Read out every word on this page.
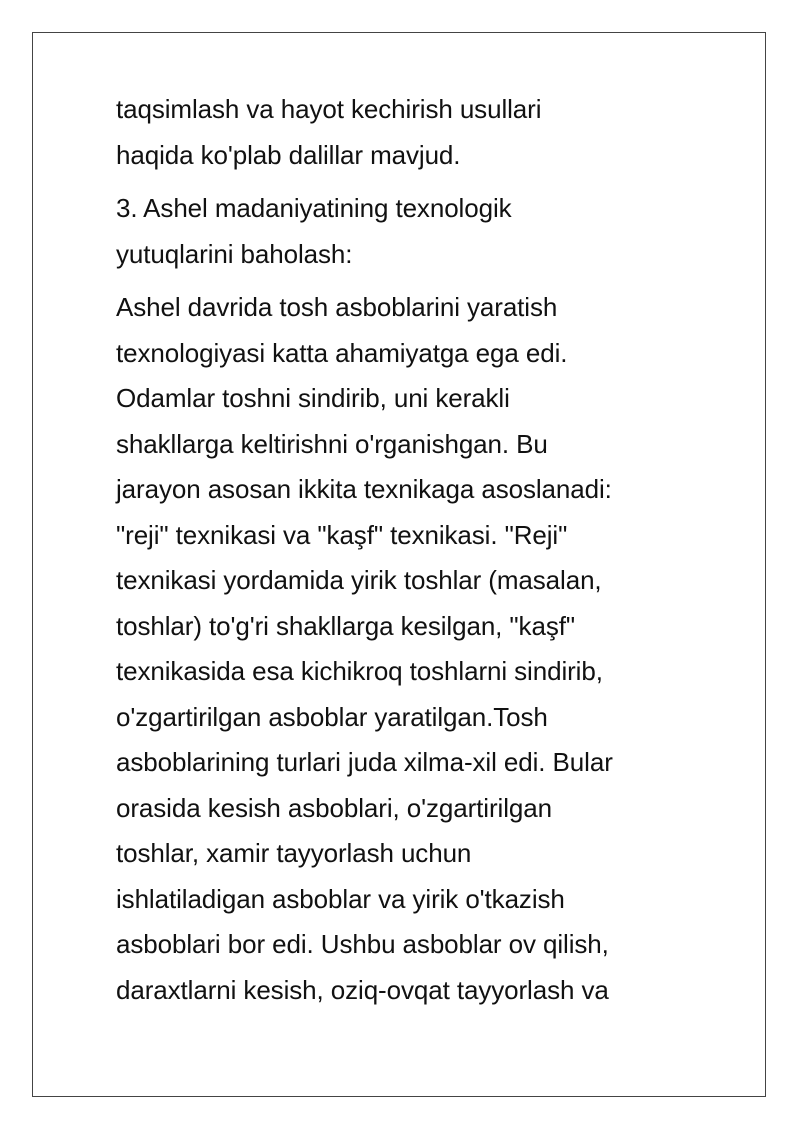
taqsimlash va hayot kechirish usullari
haqida ko'plab dalillar mavjud.

3. Ashel madaniyatining texnologik
yutuqlarini baholash:

Ashel davrida tosh asboblarini yaratish
texnologiyasi katta ahamiyatga ega edi.
Odamlar toshni sindirib, uni kerakli
shakllarga keltirishni o'rganishgan. Bu
jarayon asosan ikkita texnikaga asoslanadi:
"reji" texnikasi va "kaşf" texnikasi. "Reji"
texnikasi yordamida yirik toshlar (masalan,
toshlar) to'g'ri shakllarga kesilgan, "kaşf"
texnikasida esa kichikroq toshlarni sindirib,
o'zgartirilgan asboblar yaratilgan.Tosh
asboblarining turlari juda xilma-xil edi. Bular
orasida kesish asboblari, o'zgartirilgan
toshlar, xamir tayyorlash uchun
ishlatiladigan asboblar va yirik o'tkazish
asboblari bor edi. Ushbu asboblar ov qilish,
daraxtlarni kesish, oziq-ovqat tayyorlash va
